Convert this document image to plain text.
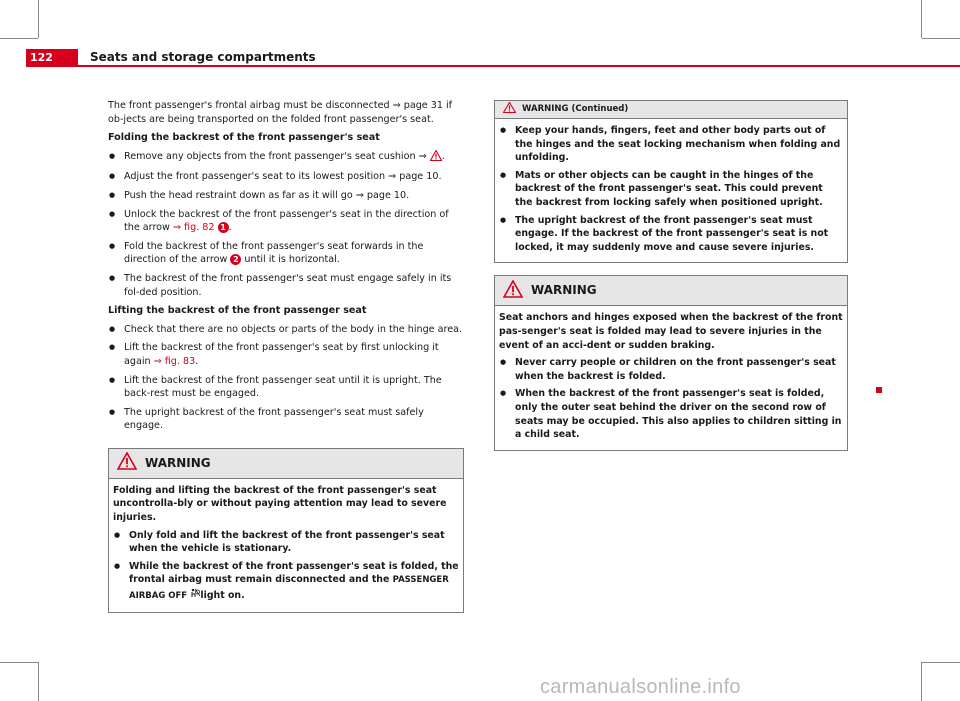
122	Seats and storage compartments

The front passenger's frontal airbag must be disconnected ⇒ page 31 if ob-jects are being transported on the folded front passenger's seat.

Folding the backrest of the front passenger's seat

● Remove any objects from the front passenger's seat cushion ⇒ .
● Adjust the front passenger's seat to its lowest position ⇒ page 10.
● Push the head restraint down as far as it will go ⇒ page 10.
● Unlock the backrest of the front passenger's seat in the direction of the arrow ⇒ fig. 82 1 .
● Fold the backrest of the front passenger's seat forwards in the direction of the arrow 2 until it is horizontal.
● The backrest of the front passenger's seat must engage safely in its fol-ded position.

Lifting the backrest of the front passenger seat

● Check that there are no objects or parts of the body in the hinge area.
● Lift the backrest of the front passenger's seat by first unlocking it again ⇒ fig. 83.
● Lift the backrest of the front passenger seat until it is upright. The back-rest must be engaged.
● The upright backrest of the front passenger's seat must safely engage.
WARNING

Folding and lifting the backrest of the front passenger's seat uncontrolla-bly or without paying attention may lead to severe injuries.

● Only fold and lift the backrest of the front passenger's seat when the vehicle is stationary.
● While the backrest of the front passenger's seat is folded, the frontal airbag must remain disconnected and the PASSENGER AIRBAG OFF light on.
WARNING (Continued)
● Keep your hands, fingers, feet and other body parts out of the hinges and the seat locking mechanism when folding and unfolding.
● Mats or other objects can be caught in the hinges of the backrest of the front passenger's seat. This could prevent the backrest from locking safely when positioned upright.
● The upright backrest of the front passenger's seat must engage. If the backrest of the front passenger's seat is not locked, it may suddenly move and cause severe injuries.
WARNING

Seat anchors and hinges exposed when the backrest of the front pas-senger's seat is folded may lead to severe injuries in the event of an acci-dent or sudden braking.

● Never carry people or children on the front passenger's seat when the backrest is folded.
● When the backrest of the front passenger's seat is folded, only the outer seat behind the driver on the second row of seats may be occupied. This also applies to children sitting in a child seat.
carmanualsonline.info
